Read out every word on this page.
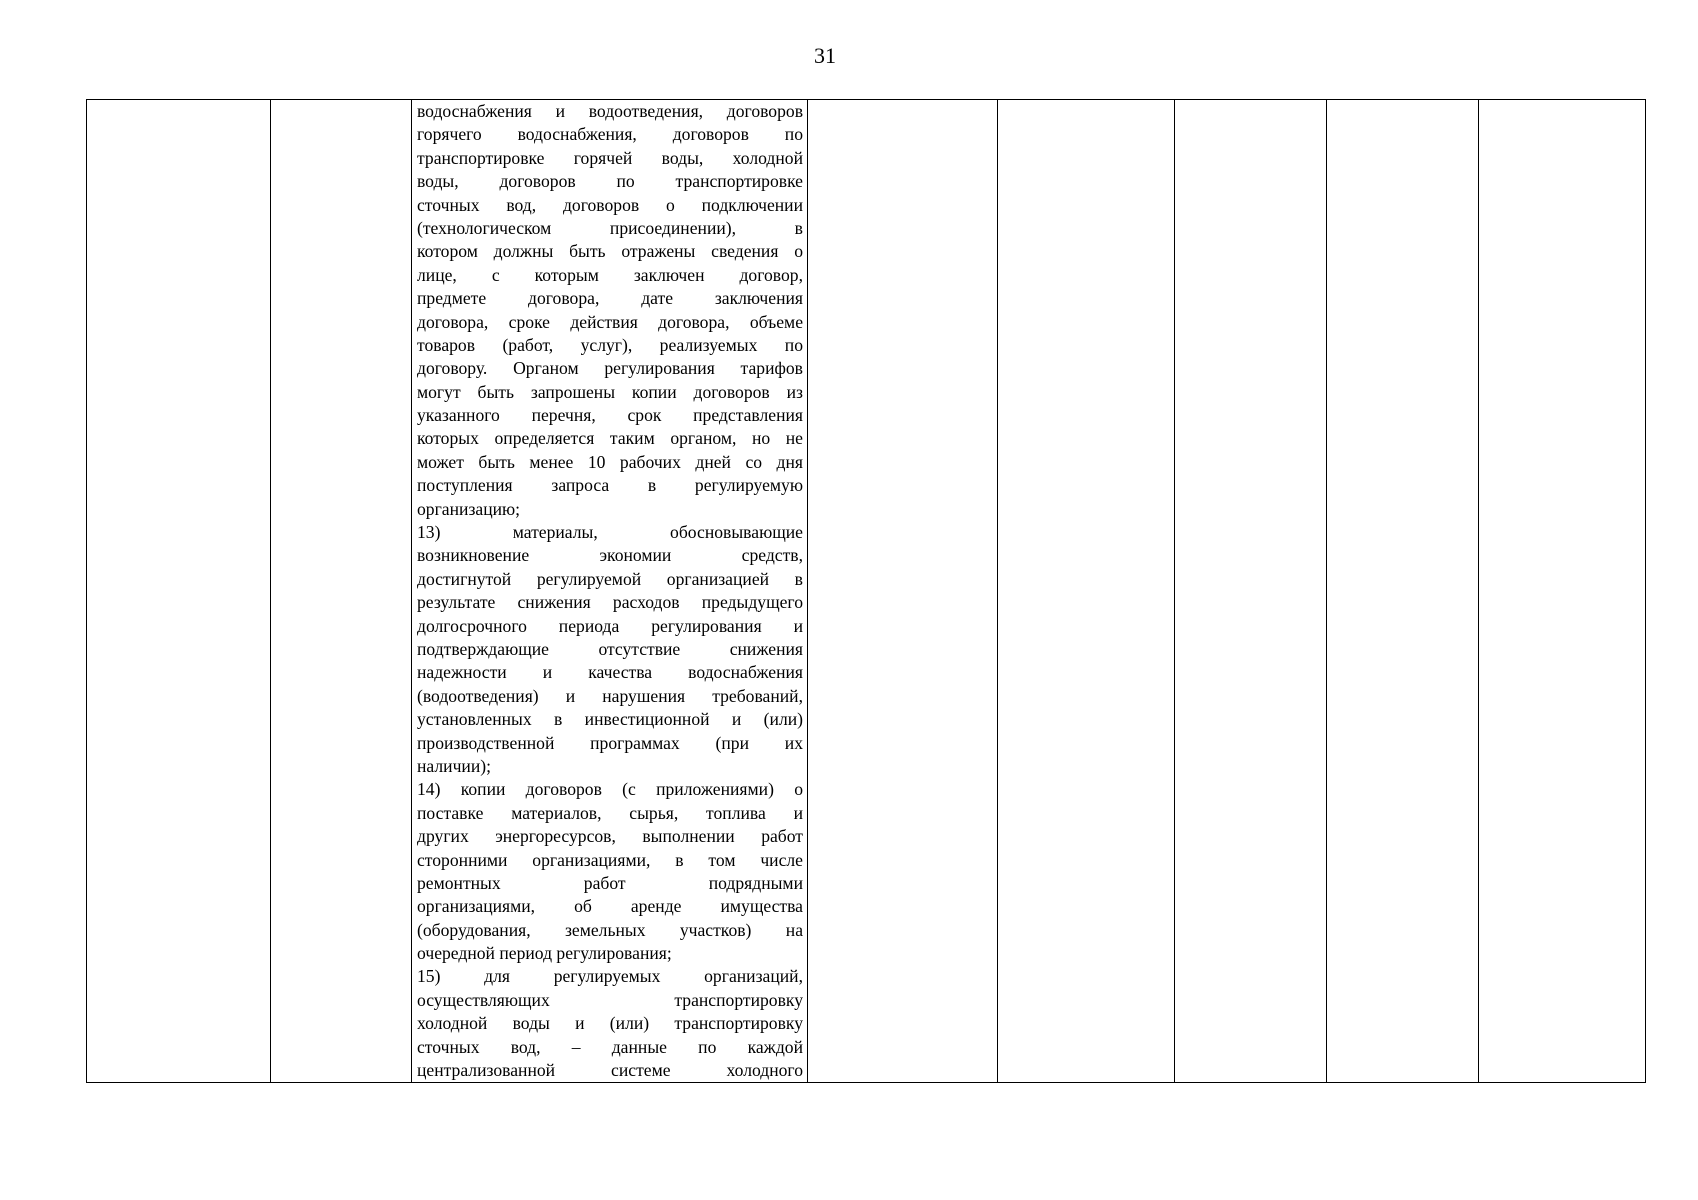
31

водоснабжения и водоотведения, договоров
горячего водоснабжения, договоров по
транспортировке горячей воды, холодной
воды, договоров по транспортировке
сточных вод, договоров о подключении
(технологическом присоединении), в
котором должны быть отражены сведения о
лице, с которым заключен договор,
предмете договора, дате заключения
договора, сроке действия договора, объеме
товаров (работ, услуг), реализуемых по
договору. Органом регулирования тарифов
могут быть запрошены копии договоров из
указанного перечня, срок представления
которых определяется таким органом, но не
может быть менее 10 рабочих дней со дня
поступления запроса в регулируемую
организацию;
13) материалы, обосновывающие
возникновение экономии средств,
достигнутой регулируемой организацией в
результате снижения расходов предыдущего
долгосрочного периода регулирования и
подтверждающие отсутствие снижения
надежности и качества водоснабжения
(водоотведения) и нарушения требований,
установленных в инвестиционной и (или)
производственной программах (при их
наличии);
14) копии договоров (с приложениями) о
поставке материалов, сырья, топлива и
других энергоресурсов, выполнении работ
сторонними организациями, в том числе
ремонтных работ подрядными
организациями, об аренде имущества
(оборудования, земельных участков) на
очередной период регулирования;
15) для регулируемых организаций,
осуществляющих транспортировку
холодной воды и (или) транспортировку
сточных вод, – данные по каждой
централизованной системе холодного
